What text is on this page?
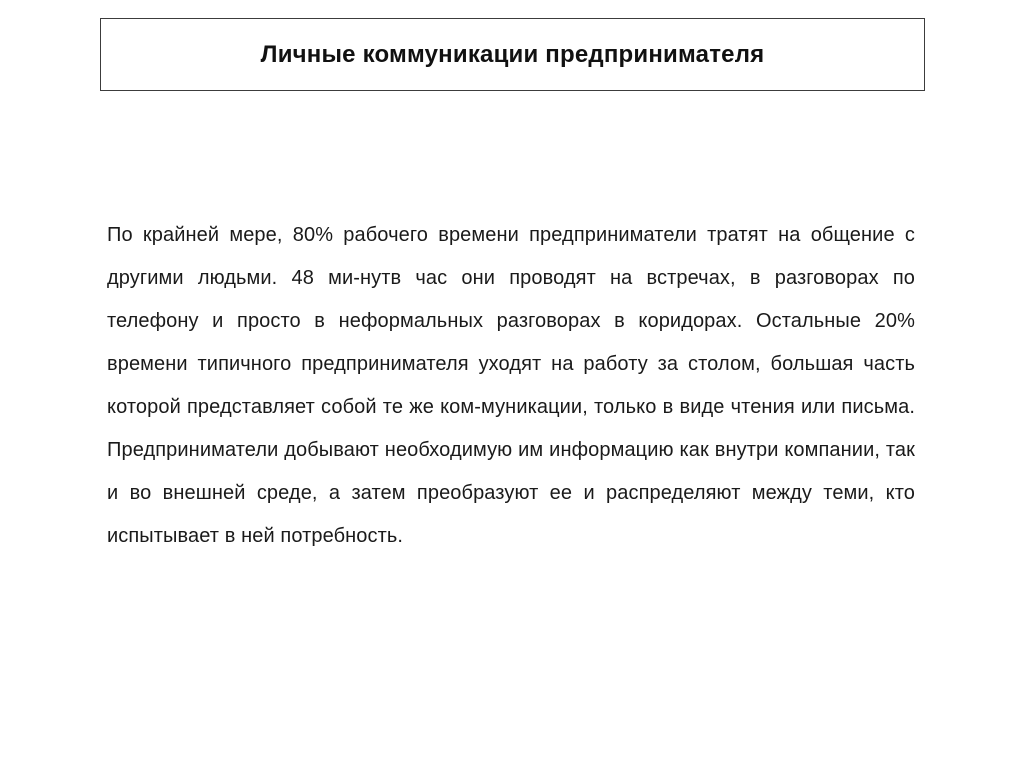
Личные коммуникации предпринимателя

По крайней мере, 80% рабочего времени предприниматели тратят на общение с другими людьми. 48 ми-нутв час они проводят на встречах, в разговорах по телефону и просто в неформальных разговорах в коридорах. Остальные 20% времени типичного предпринимателя уходят на работу за столом, большая часть которой представляет собой те же ком-муникации, только в виде чтения или письма. Предприниматели добывают необходимую им информацию как внутри компании, так и во внешней среде, а затем преобразуют ее и распределяют между теми, кто испытывает в ней потребность.
